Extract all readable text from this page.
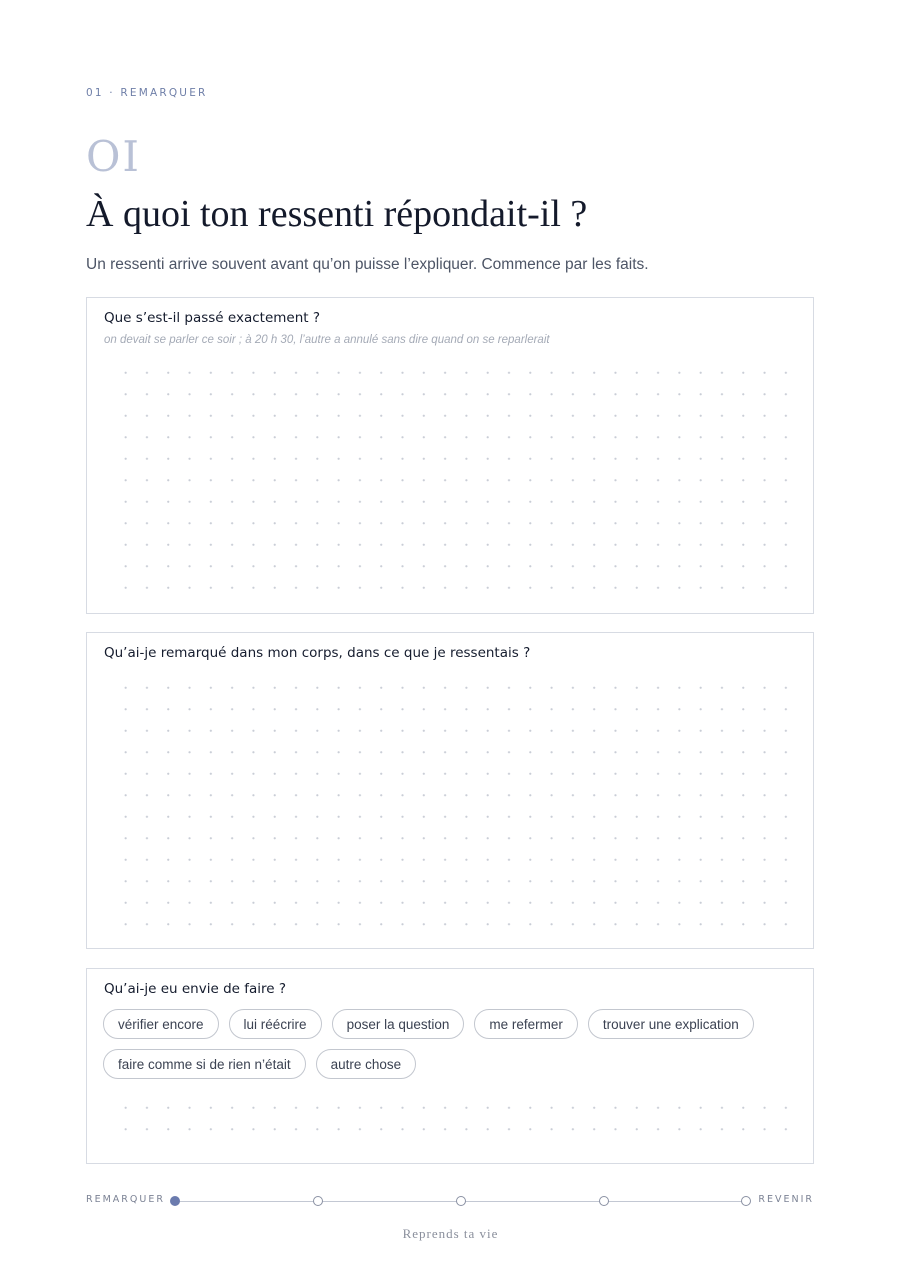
01 · REMARQUER
OI
À quoi ton ressenti répondait-il ?

Un ressenti arrive souvent avant qu’on puisse l’expliquer. Commence par les faits.

Que s’est-il passé exactement ?
on devait se parler ce soir ; à 20 h 30, l’autre a annulé sans dire quand on se reparlerait
Qu’ai-je remarqué dans mon corps, dans ce que je ressentais ?
Qu’ai-je eu envie de faire ?
vérifier encore	lui réécrire	poser la question	me refermer	trouver une explication
faire comme si de rien n’était	autre chose
REMARQUER	REVENIR
Reprends ta vie
